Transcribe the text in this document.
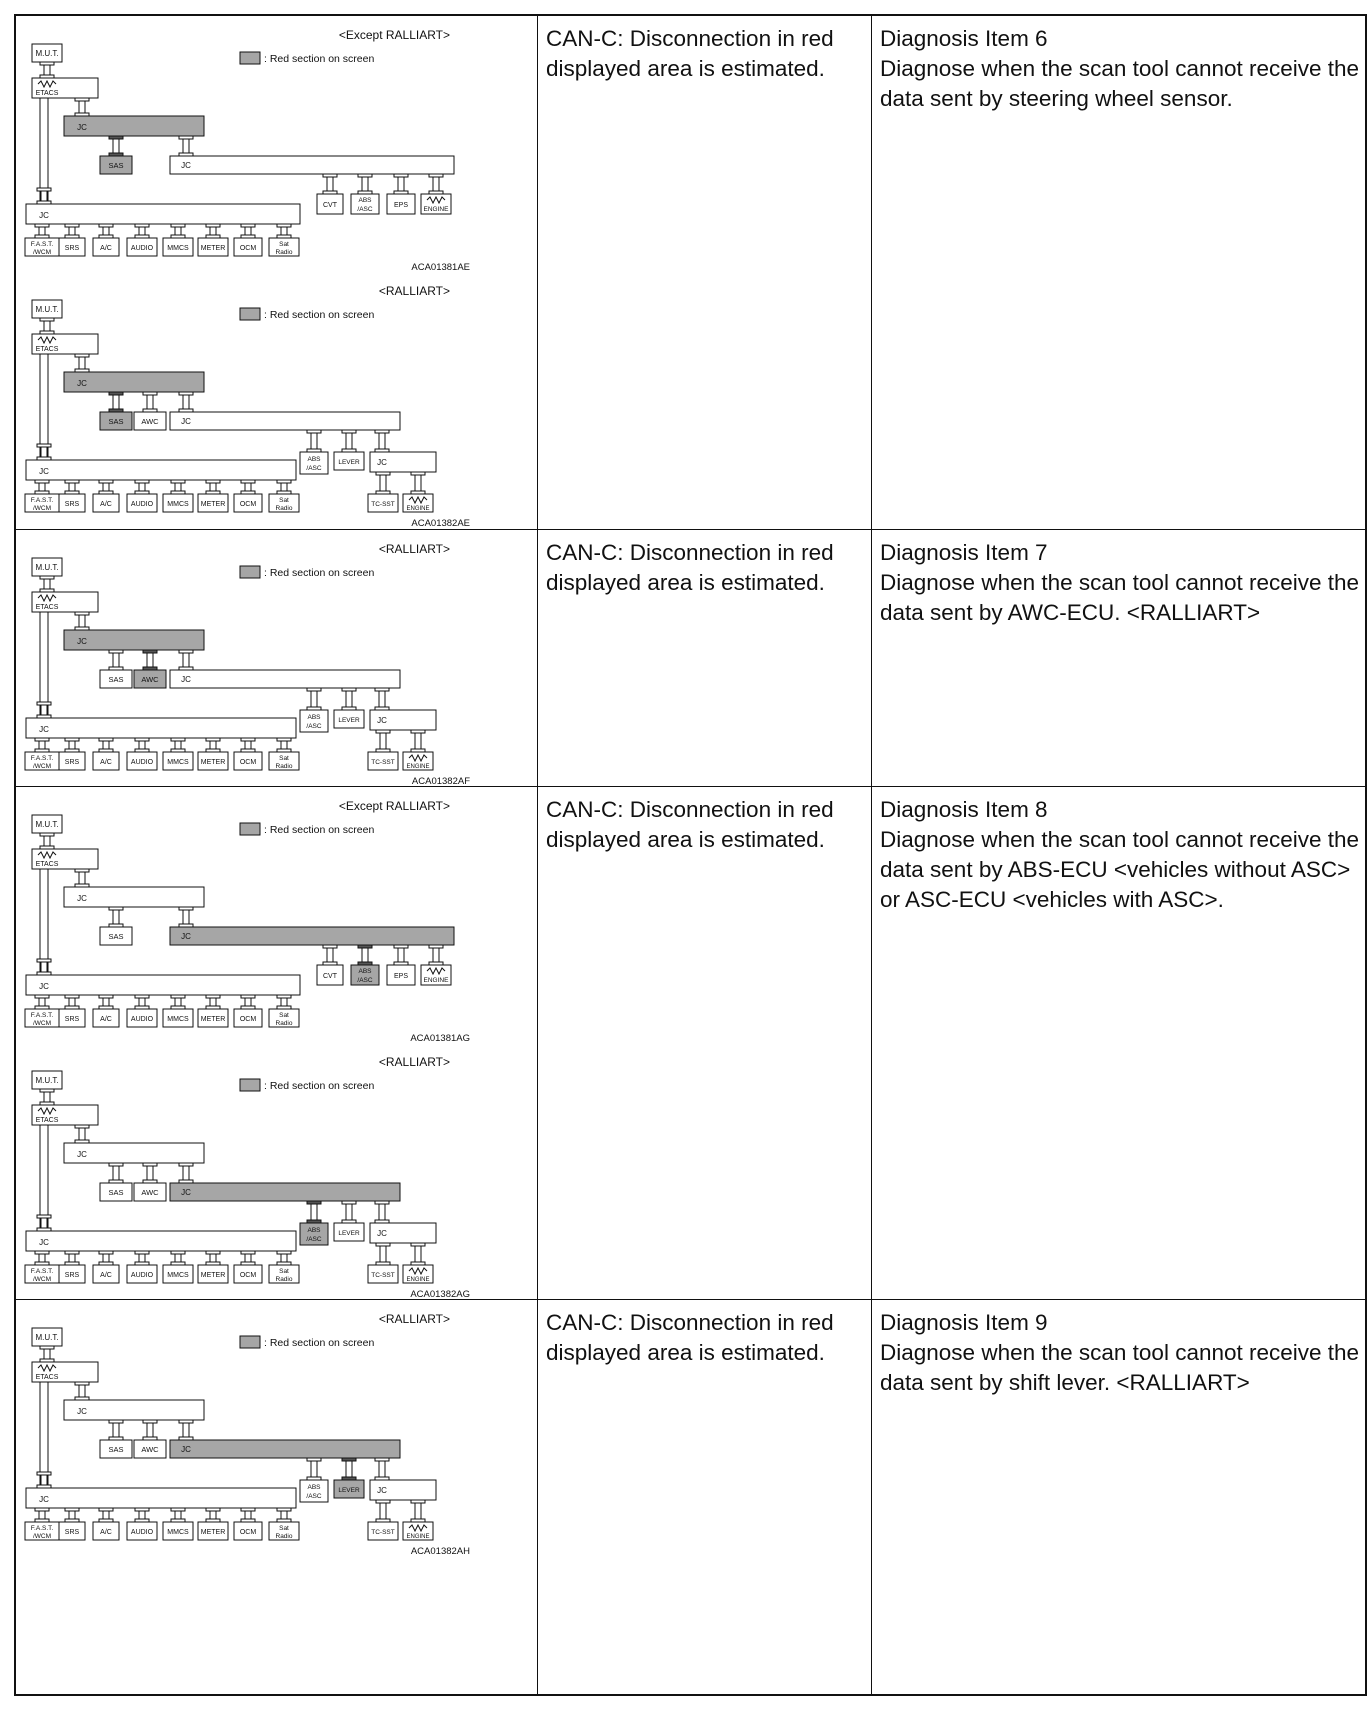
<Except RALLIART>
: Red section on screen
ACA01381AE
M.U.T.
ETACS
JC
SAS	JC
JC
F.A.S.T.
/WCM
SRS	A/C	AUDIO MMCS METER OCM
Sat
Radio
CVT
ABS
/ASC
EPS
ENGINE
<RALLIART>
: Red section on screen
ACA01382AE
M.U.T.
ETACS
JC
SAS AWC	JC
JC
F.A.S.T.
/WCM
SRS	A/C	AUDIO MMCS METER OCM
Sat
Radio
ABS
/ASC
LEVER JC
TC-SST
ENGINE
CAN-C: Disconnection in red displayed area is estimated.
Diagnosis Item 6
Diagnose when the scan tool cannot receive the data sent by steering wheel sensor.
<RALLIART>
: Red section on screen
ACA01382AF
M.U.T.
ETACS
JC
SAS AWC	JC
JC
F.A.S.T.
/WCM
SRS	A/C	AUDIO MMCS METER OCM
Sat
Radio
ABS
/ASC
LEVER JC
TC-SST
ENGINE
CAN-C: Disconnection in red displayed area is estimated.
Diagnosis Item 7
Diagnose when the scan tool cannot receive the data sent by AWC-ECU. <RALLIART>
<Except RALLIART>
: Red section on screen
ACA01381AG
M.U.T.
ETACS
JC
SAS	JC
JC
F.A.S.T.
/WCM
SRS	A/C	AUDIO MMCS METER OCM
Sat
Radio
CVT
ABS
/ASC
EPS
ENGINE
<RALLIART>
: Red section on screen
ACA01382AG
M.U.T.
ETACS
JC
SAS AWC	JC
JC
F.A.S.T.
/WCM
SRS	A/C	AUDIO MMCS METER OCM
Sat
Radio
ABS
/ASC
LEVER JC
TC-SST
ENGINE
CAN-C: Disconnection in red displayed area is estimated.
Diagnosis Item 8
Diagnose when the scan tool cannot receive the data sent by ABS-ECU <vehicles without ASC> or ASC-ECU <vehicles with ASC>.
<RALLIART>
: Red section on screen
ACA01382AH
M.U.T.
ETACS
JC
SAS AWC	JC
JC
F.A.S.T.
/WCM
SRS	A/C	AUDIO MMCS METER OCM
Sat
Radio
ABS
/ASC
LEVER JC
TC-SST
ENGINE
CAN-C: Disconnection in red displayed area is estimated.
Diagnosis Item 9
Diagnose when the scan tool cannot receive the data sent by shift lever. <RALLIART>
